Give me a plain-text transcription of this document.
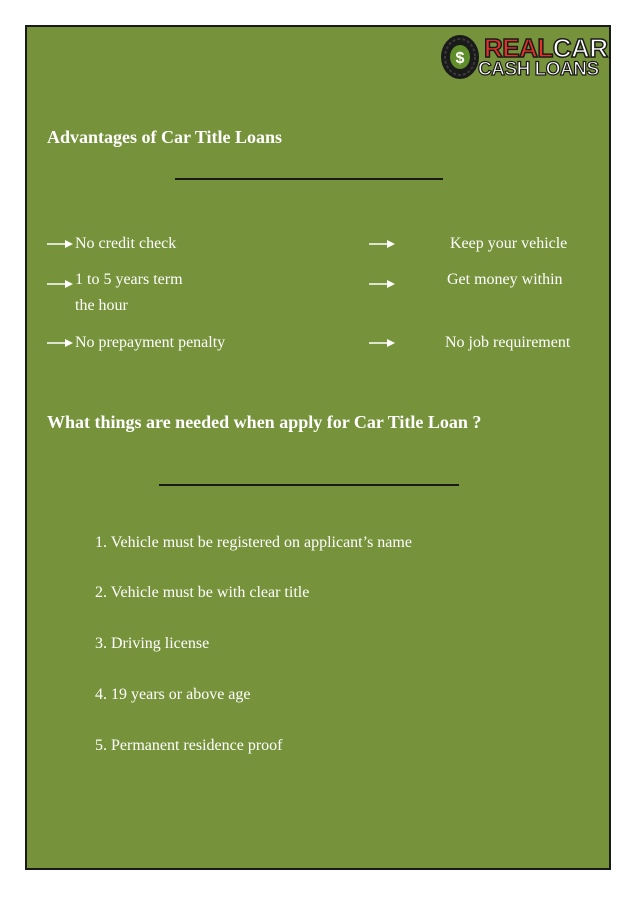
$ REALCAR
CASH LOANS
Advantages of Car Title Loans
No credit check	Keep your vehicle
1 to 5 years term
the hour
Get money within
No prepayment penalty	No job requirement
What things are needed when apply for Car Title Loan ?
1. Vehicle must be registered on applicant’s name
2. Vehicle must be with clear title
3. Driving license
4. 19 years or above age
5. Permanent residence proof
